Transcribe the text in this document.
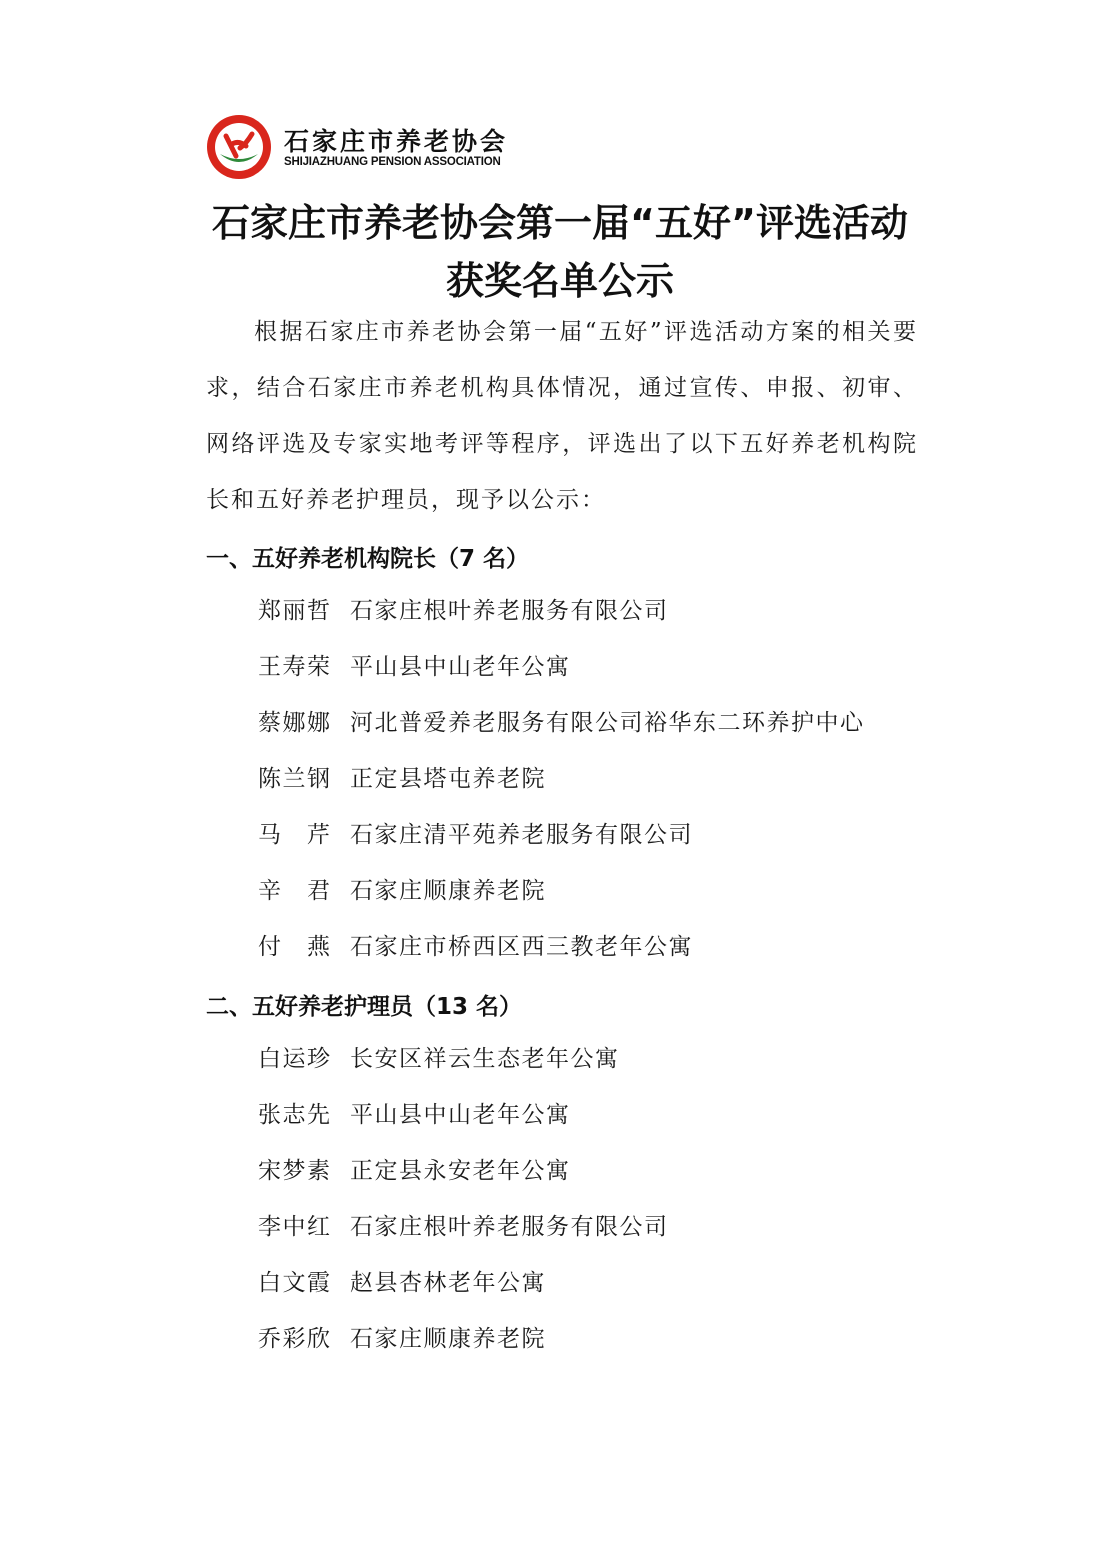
石家庄市养老协会
SHIJIAZHUANG PENSION ASSOCIATION
石家庄市养老协会第一届“五好”评选活动
获奖名单公示

根据石家庄市养老协会第一届“五好”评选活动方案的相关要求，结合石家庄市养老机构具体情况，通过宣传、申报、初审、网络评选及专家实地考评等程序，评选出了以下五好养老机构院长和五好养老护理员，现予以公示：

一、五好养老机构院长（7 名）
郑丽哲 石家庄根叶养老服务有限公司
王寿荣 平山县中山老年公寓
蔡娜娜 河北普爱养老服务有限公司裕华东二环养护中心
陈兰钢 正定县塔屯养老院
马　芹 石家庄清平苑养老服务有限公司
辛　君 石家庄顺康养老院
付　燕 石家庄市桥西区西三教老年公寓
二、五好养老护理员（13 名）
白运珍 长安区祥云生态老年公寓
张志先 平山县中山老年公寓
宋梦素 正定县永安老年公寓
李中红 石家庄根叶养老服务有限公司
白文霞 赵县杏林老年公寓
乔彩欣 石家庄顺康养老院
